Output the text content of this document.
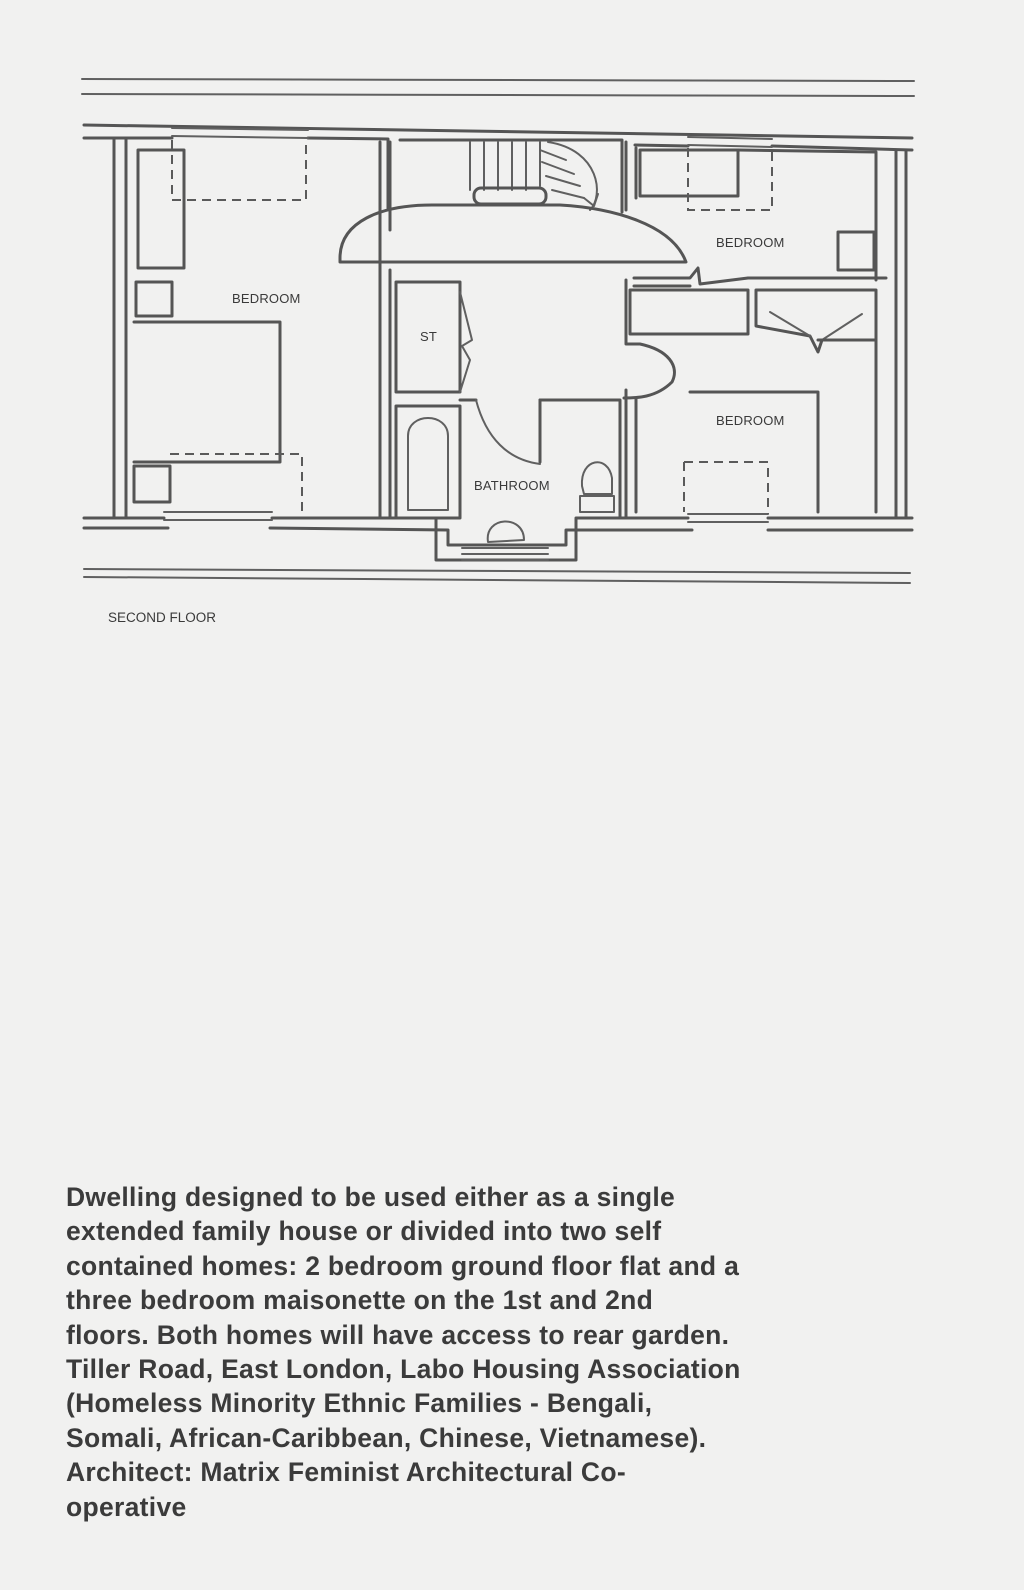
BEDROOM
BEDROOM
BEDROOM
ST
BATHROOM
SECOND FLOOR

Dwelling designed to be used either as a single
extended family house or divided into two self
contained homes: 2 bedroom ground floor flat and a
three bedroom maisonette on the 1st and 2nd
floors. Both homes will have access to rear garden.
Tiller Road, East London, Labo Housing Association
(Homeless Minority Ethnic Families - Bengali,
Somali, African-Caribbean, Chinese, Vietnamese).
Architect: Matrix Feminist Architectural Co-
operative
